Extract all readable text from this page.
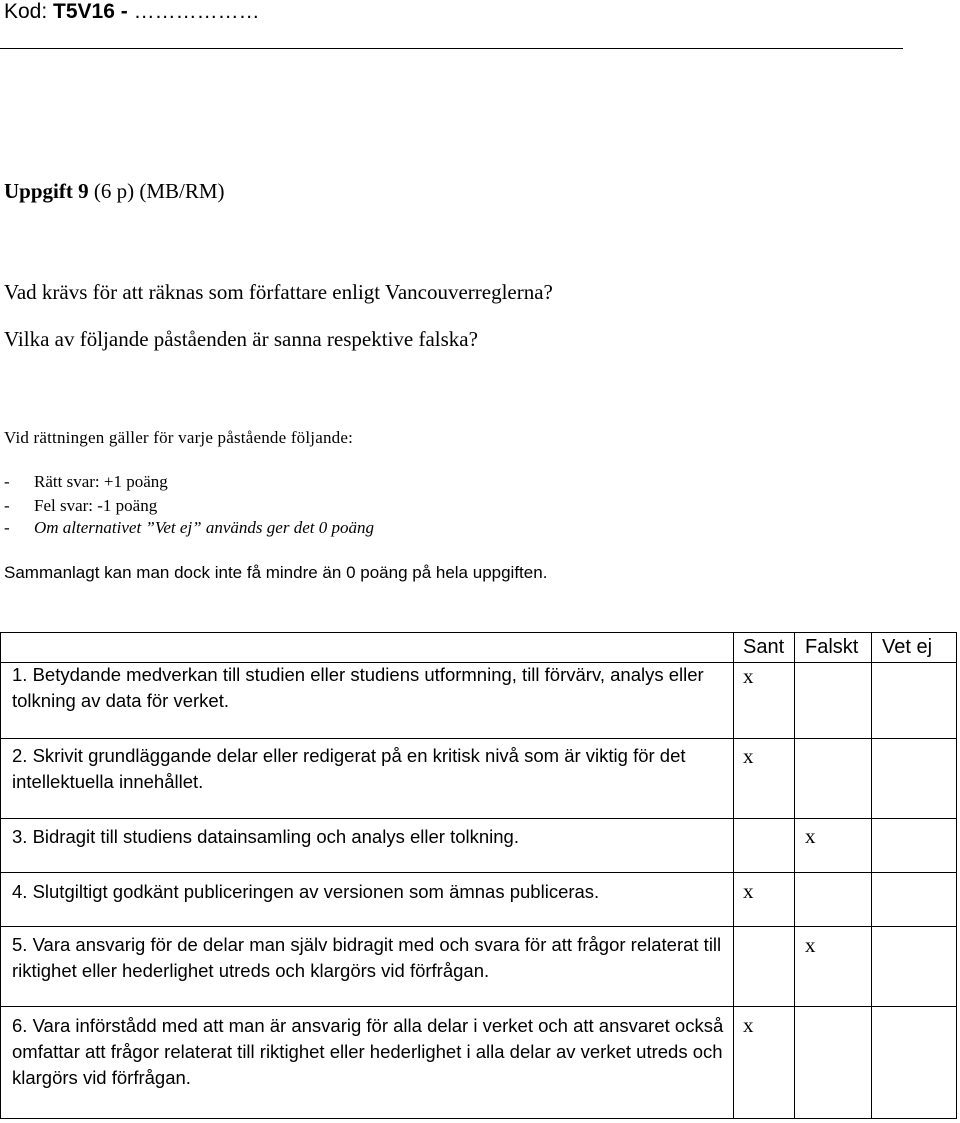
Kod: T5V16 - ………………
Uppgift 9 (6 p) (MB/RM)
Vad krävs för att räknas som författare enligt Vancouverreglerna?
Vilka av följande påståenden är sanna respektive falska?
Vid rättningen gäller för varje påstående följande:
- Rätt svar: +1 poäng
- Fel svar: -1 poäng
- Om alternativet ”Vet ej” används ger det 0 poäng
Sammanlagt kan man dock inte få mindre än 0 poäng på hela uppgiften.
Sant Falskt Vet ej
1. Betydande medverkan till studien eller studiens utformning, till förvärv, analys eller tolkning av data för verket.
2. Skrivit grundläggande delar eller redigerat på en kritisk nivå som är viktig för det intellektuella innehållet.
3. Bidragit till studiens datainsamling och analys eller tolkning.
4. Slutgiltigt godkänt publiceringen av versionen som ämnas publiceras.
5. Vara ansvarig för de delar man själv bidragit med och svara för att frågor relaterat till riktighet eller hederlighet utreds och klargörs vid förfrågan.
6. Vara införstådd med att man är ansvarig för alla delar i verket och att ansvaret också omfattar att frågor relaterat till riktighet eller hederlighet i alla delar av verket utreds och klargörs vid förfrågan.
x
x
x
x
x
x
